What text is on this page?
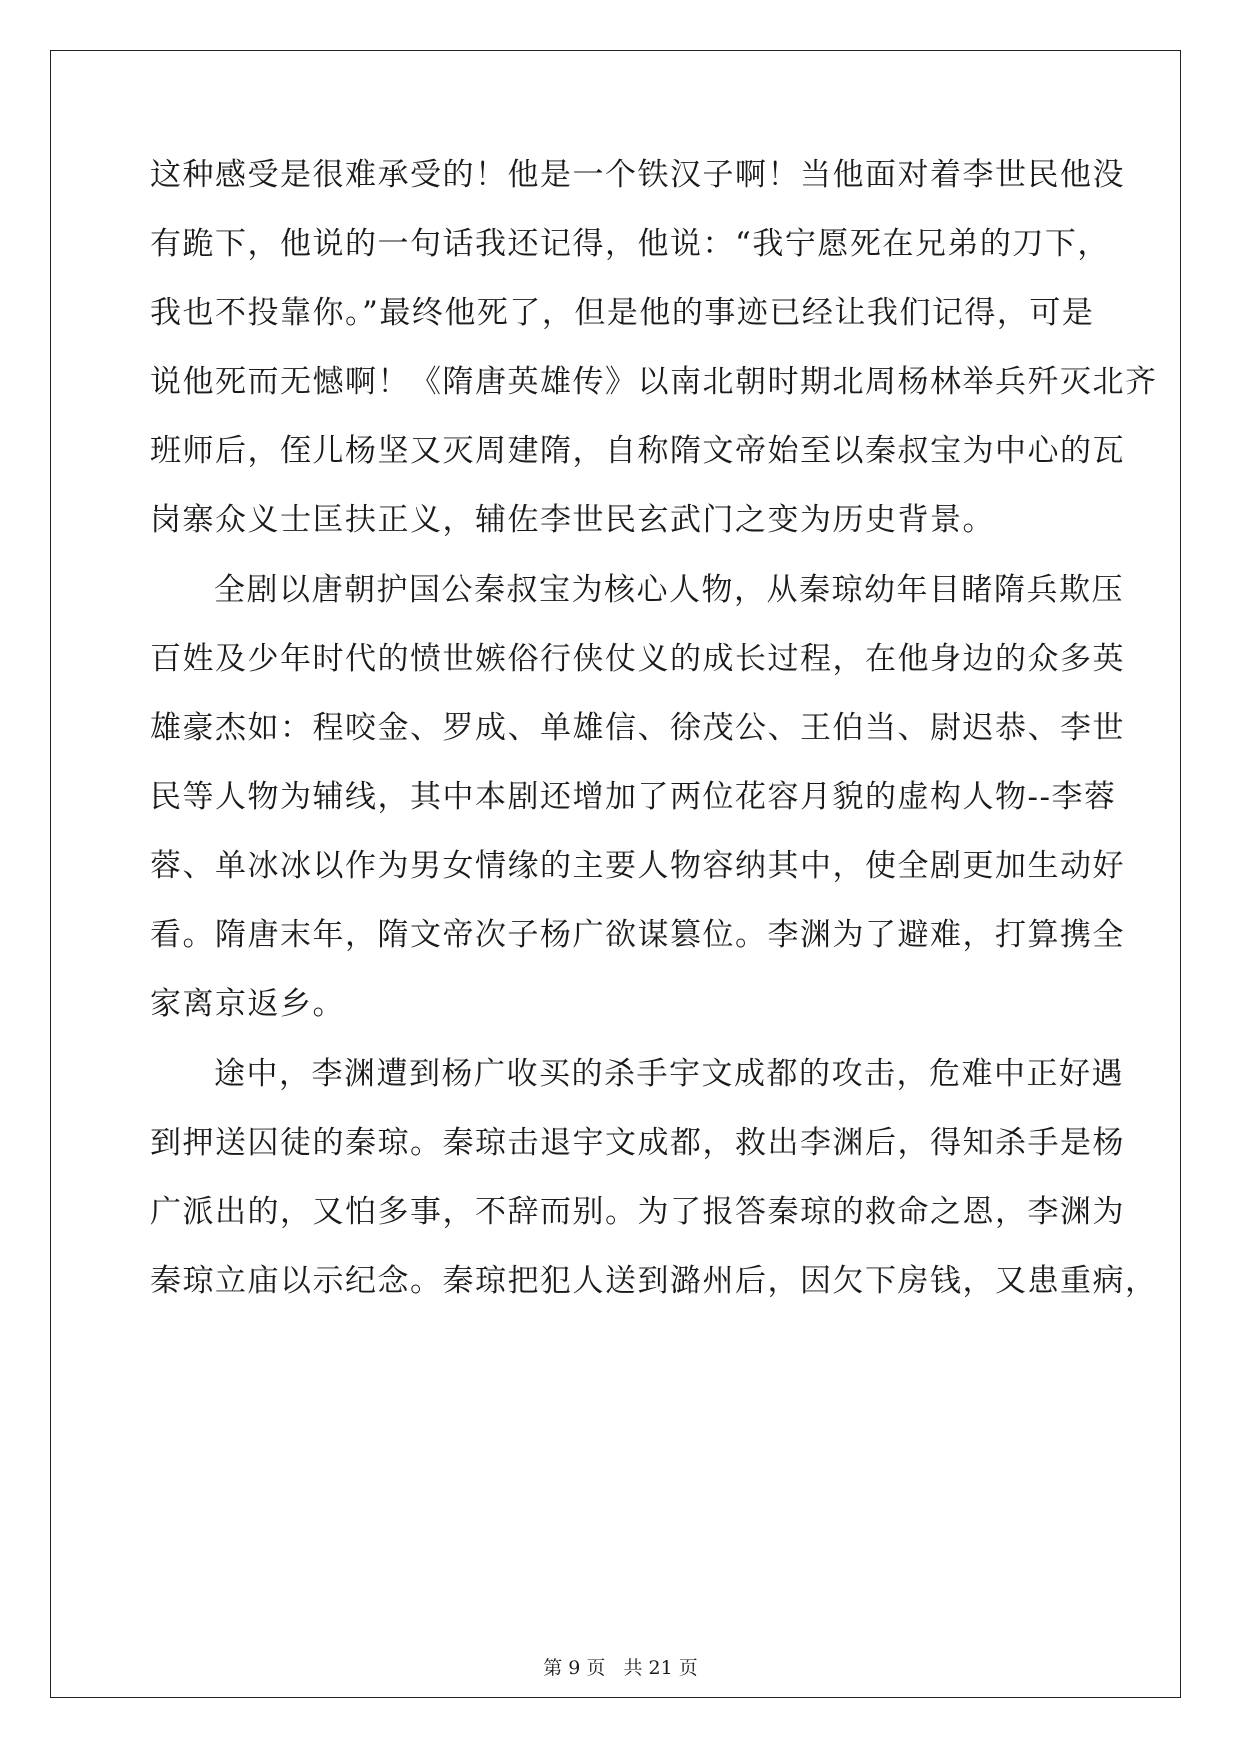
这种感受是很难承受的！他是一个铁汉子啊！当他面对着李世民他没
有跪下，他说的一句话我还记得，他说：“我宁愿死在兄弟的刀下，
我也不投靠你。”最终他死了，但是他的事迹已经让我们记得，可是
说他死而无憾啊！《隋唐英雄传》以南北朝时期北周杨林举兵歼灭北齐
班师后，侄儿杨坚又灭周建隋，自称隋文帝始至以秦叔宝为中心的瓦
岗寨众义士匡扶正义，辅佐李世民玄武门之变为历史背景。
全剧以唐朝护国公秦叔宝为核心人物，从秦琼幼年目睹隋兵欺压
百姓及少年时代的愤世嫉俗行侠仗义的成长过程，在他身边的众多英
雄豪杰如：程咬金、罗成、单雄信、徐茂公、王伯当、尉迟恭、李世
民等人物为辅线，其中本剧还增加了两位花容月貌的虚构人物--李蓉
蓉、单冰冰以作为男女情缘的主要人物容纳其中，使全剧更加生动好
看。隋唐末年，隋文帝次子杨广欲谋篡位。李渊为了避难，打算携全
家离京返乡。
途中，李渊遭到杨广收买的杀手宇文成都的攻击，危难中正好遇
到押送囚徒的秦琼。秦琼击退宇文成都，救出李渊后，得知杀手是杨
广派出的，又怕多事，不辞而别。为了报答秦琼的救命之恩，李渊为
秦琼立庙以示纪念。秦琼把犯人送到潞州后，因欠下房钱，又患重病，
第 9 页 共 21 页
